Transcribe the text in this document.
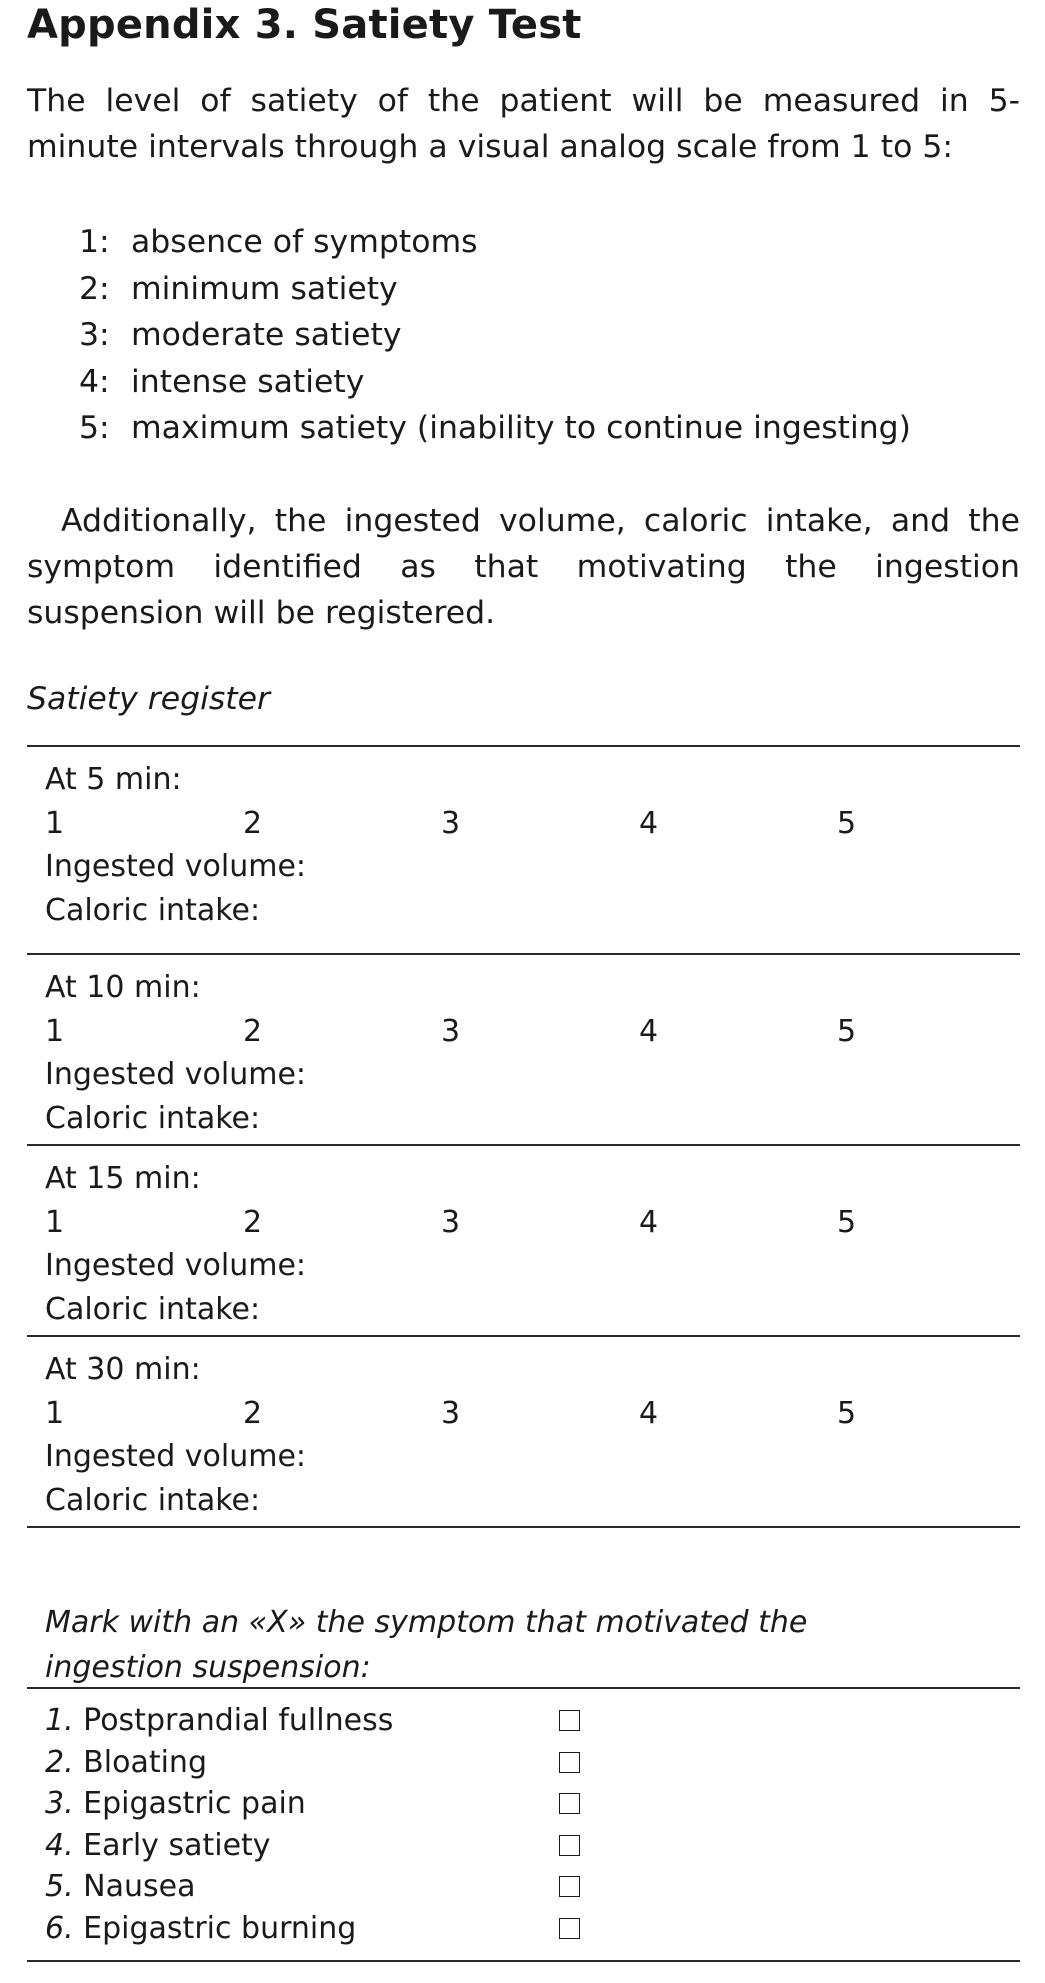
Appendix 3. Satiety Test

The level of satiety of the patient will be measured in 5-minute intervals through a visual analog scale from 1 to 5:

1: absence of symptoms
2: minimum satiety
3: moderate satiety
4: intense satiety
5: maximum satiety (inability to continue ingesting)

Additionally, the ingested volume, caloric intake, and the symptom identified as that motivating the ingestion suspension will be registered.

Satiety register
At 5 min:
1	2	3	4	5
Ingested volume:
Caloric intake:
At 10 min:
1	2	3	4	5
Ingested volume:
Caloric intake:
At 15 min:
1	2	3	4	5
Ingested volume:
Caloric intake:
At 30 min:
1	2	3	4	5
Ingested volume:
Caloric intake:
Mark with an «X» the symptom that motivated the ingestion suspension:
1. Postprandial fullness
2. Bloating
3. Epigastric pain
4. Early satiety
5. Nausea
6. Epigastric burning
